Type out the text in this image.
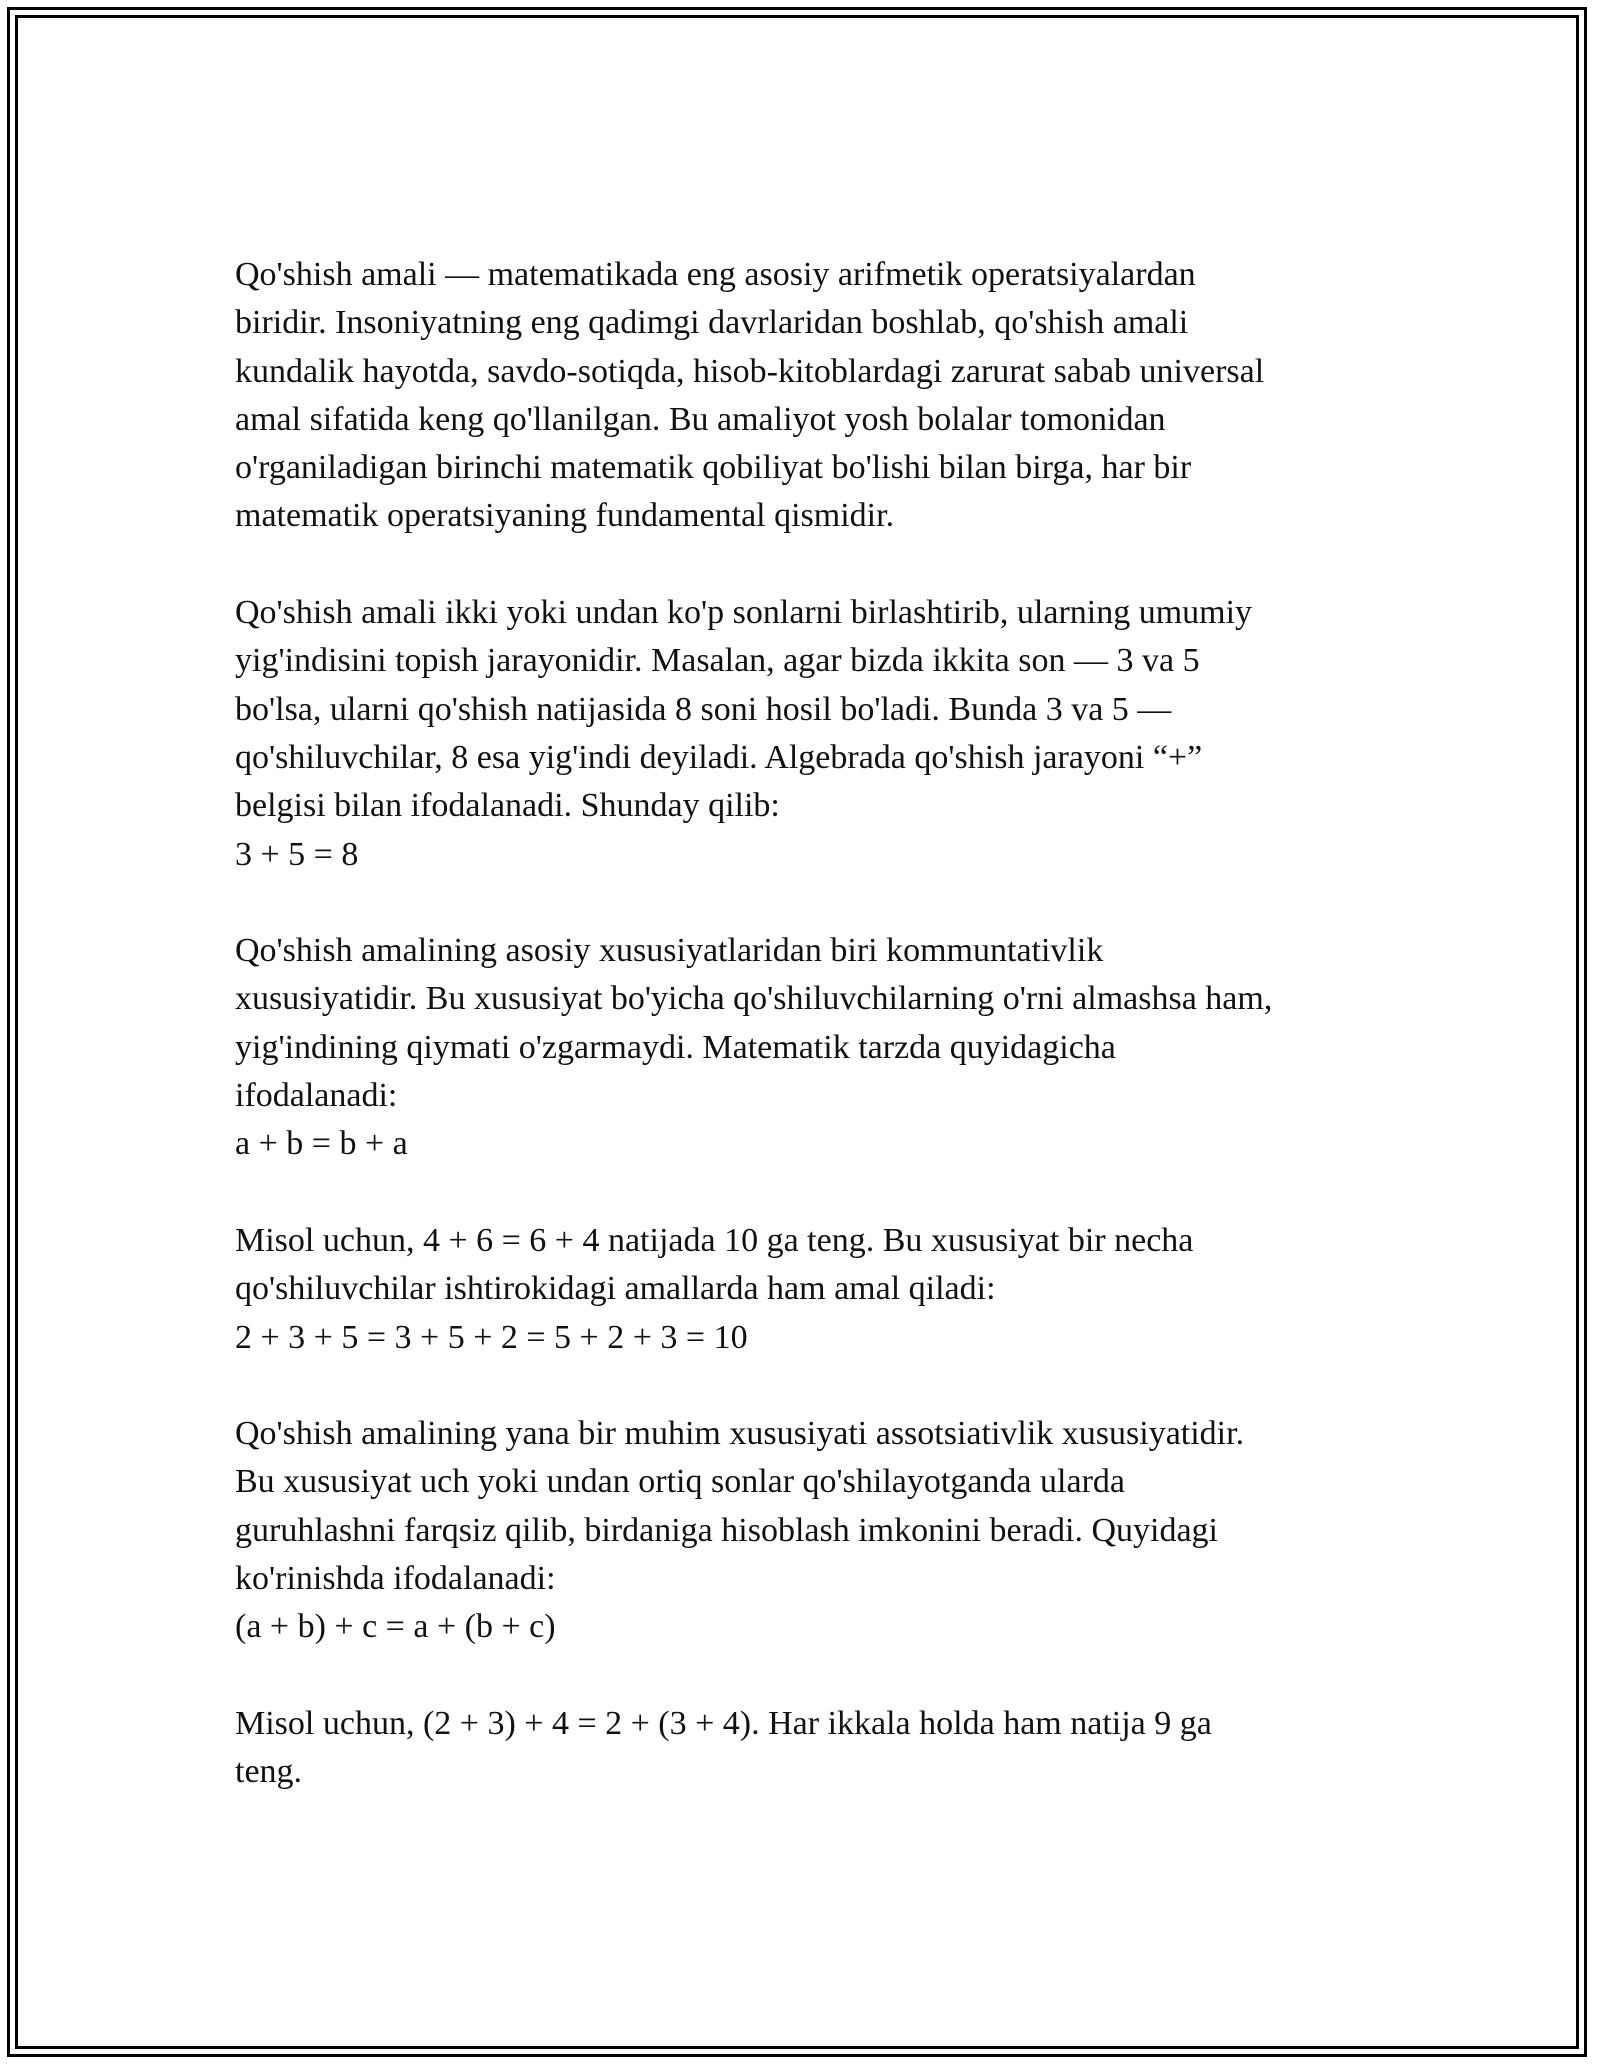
Qo'shish amali — matematikada eng asosiy arifmetik operatsiyalardan
biridir. Insoniyatning eng qadimgi davrlaridan boshlab, qo'shish amali
kundalik hayotda, savdo-sotiqda, hisob-kitoblardagi zarurat sabab universal
amal sifatida keng qo'llanilgan. Bu amaliyot yosh bolalar tomonidan
o'rganiladigan birinchi matematik qobiliyat bo'lishi bilan birga, har bir
matematik operatsiyaning fundamental qismidir.
Qo'shish amali ikki yoki undan ko'p sonlarni birlashtirib, ularning umumiy
yig'indisini topish jarayonidir. Masalan, agar bizda ikkita son — 3 va 5
bo'lsa, ularni qo'shish natijasida 8 soni hosil bo'ladi. Bunda 3 va 5 —
qo'shiluvchilar, 8 esa yig'indi deyiladi. Algebrada qo'shish jarayoni “+”
belgisi bilan ifodalanadi. Shunday qilib:
3 + 5 = 8
Qo'shish amalining asosiy xususiyatlaridan biri kommuntativlik
xususiyatidir. Bu xususiyat bo'yicha qo'shiluvchilarning o'rni almashsa ham,
yig'indining qiymati o'zgarmaydi. Matematik tarzda quyidagicha
ifodalanadi:
a + b = b + a
Misol uchun, 4 + 6 = 6 + 4 natijada 10 ga teng. Bu xususiyat bir necha
qo'shiluvchilar ishtirokidagi amallarda ham amal qiladi:
2 + 3 + 5 = 3 + 5 + 2 = 5 + 2 + 3 = 10
Qo'shish amalining yana bir muhim xususiyati assotsiativlik xususiyatidir.
Bu xususiyat uch yoki undan ortiq sonlar qo'shilayotganda ularda
guruhlashni farqsiz qilib, birdaniga hisoblash imkonini beradi. Quyidagi
ko'rinishda ifodalanadi:
(a + b) + c = a + (b + c)
Misol uchun, (2 + 3) + 4 = 2 + (3 + 4). Har ikkala holda ham natija 9 ga
teng.
